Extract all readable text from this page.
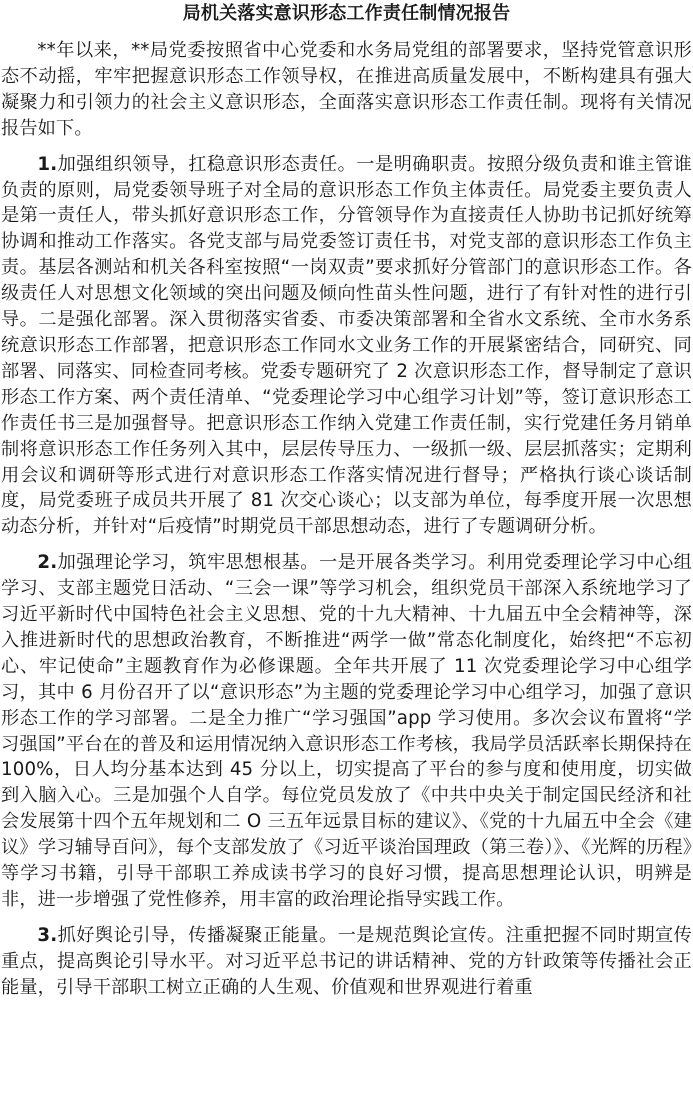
局机关落实意识形态工作责任制情况报告

**年以来，**局党委按照省中心党委和水务局党组的部署要求，坚持党管意识形态不动摇，牢牢把握意识形态工作领导权，在推进高质量发展中，不断构建具有强大凝聚力和引领力的社会主义意识形态，全面落实意识形态工作责任制。现将有关情况报告如下。

1.加强组织领导，扛稳意识形态责任。一是明确职责。按照分级负责和谁主管谁负责的原则，局党委领导班子对全局的意识形态工作负主体责任。局党委主要负责人是第一责任人，带头抓好意识形态工作，分管领导作为直接责任人协助书记抓好统筹协调和推动工作落实。各党支部与局党委签订责任书，对党支部的意识形态工作负主责。基层各测站和机关各科室按照“一岗双责”要求抓好分管部门的意识形态工作。各级责任人对思想文化领域的突出问题及倾向性苗头性问题，进行了有针对性的进行引导。二是强化部署。深入贯彻落实省委、市委决策部署和全省水文系统、全市水务系统意识形态工作部署，把意识形态工作同水文业务工作的开展紧密结合，同研究、同部署、同落实、同检查同考核。党委专题研究了 2 次意识形态工作，督导制定了意识形态工作方案、两个责任清单、“党委理论学习中心组学习计划”等，签订意识形态工作责任书三是加强督导。把意识形态工作纳入党建工作责任制，实行党建任务月销单制将意识形态工作任务列入其中，层层传导压力、一级抓一级、层层抓落实；定期利用会议和调研等形式进行对意识形态工作落实情况进行督导；严格执行谈心谈话制度，局党委班子成员共开展了 81 次交心谈心；以支部为单位，每季度开展一次思想动态分析，并针对“后疫情”时期党员干部思想动态，进行了专题调研分析。

2.加强理论学习，筑牢思想根基。一是开展各类学习。利用党委理论学习中心组学习、支部主题党日活动、“三会一课”等学习机会，组织党员干部深入系统地学习了习近平新时代中国特色社会主义思想、党的十九大精神、十九届五中全会精神等，深入推进新时代的思想政治教育，不断推进“两学一做”常态化制度化，始终把“不忘初心、牢记使命”主题教育作为必修课题。全年共开展了 11 次党委理论学习中心组学习，其中 6 月份召开了以“意识形态”为主题的党委理论学习中心组学习，加强了意识形态工作的学习部署。二是全力推广“学习强国”app 学习使用。多次会议布置将“学习强国”平台在的普及和运用情况纳入意识形态工作考核，我局学员活跃率长期保持在 100%，日人均分基本达到 45 分以上，切实提高了平台的参与度和使用度，切实做到入脑入心。三是加强个人自学。每位党员发放了《中共中央关于制定国民经济和社会发展第十四个五年规划和二 O 三五年远景目标的建议》、《党的十九届五中全会《建议》学习辅导百问》，每个支部发放了《习近平谈治国理政（第三卷）》、《光辉的历程》等学习书籍，引导干部职工养成读书学习的良好习惯，提高思想理论认识，明辨是非，进一步增强了党性修养，用丰富的政治理论指导实践工作。

3.抓好舆论引导，传播凝聚正能量。一是规范舆论宣传。注重把握不同时期宣传重点，提高舆论引导水平。对习近平总书记的讲话精神、党的方针政策等传播社会正能量，引导干部职工树立正确的人生观、价值观和世界观进行着重
